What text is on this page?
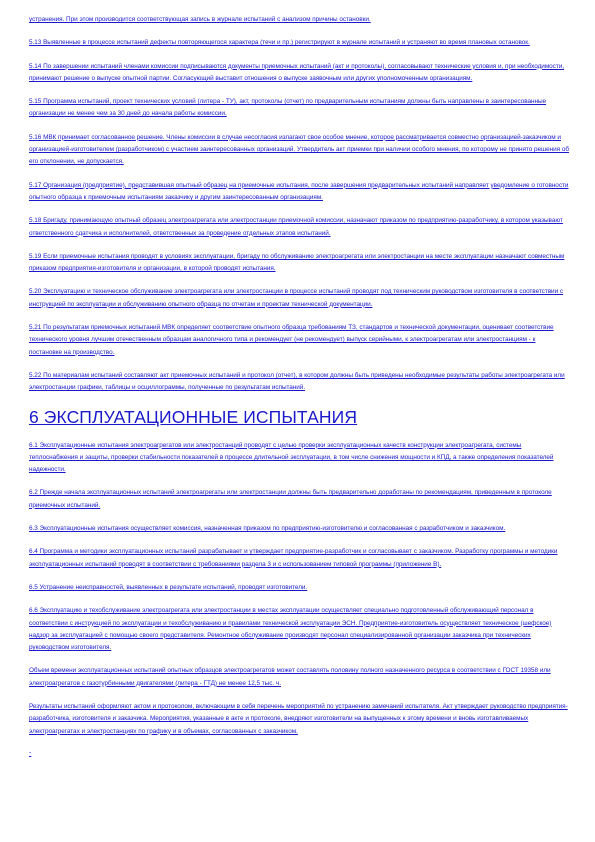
устранения. При этом производится соответствующая запись в журнале испытаний с анализом причины остановки.

5.13 Выявленные в процессе испытаний дефекты повторяющегося характера (течи и пр.) регистрируют в журнале испытаний и устраняют во время плановых остановок.

5.14 По завершении испытаний членами комиссии подписываются документы приемочных испытаний (акт и протоколы), согласовывают технические условия и, при необходимости, принимают решение о выпуске опытной партии. Согласующий выставит отношения о выпуске заявочным или других уполномоченным организациям.

5.15 Программа испытаний, проект технических условий (литера - ТУ), акт, протоколы (отчет) по предварительным испытаниям должны быть направлены в заинтересованные организации не менее чем за 30 дней до начала работы комиссии.

5.16 МВК принимает согласованное решение. Члены комиссии в случае несогласия излагают свое особое мнение, которое рассматривается совместно организацией-заказчиком и организацией-изготовителем (разработчиком) с участием заинтересованных организаций. Утвердитель акт приемки при наличии особого мнения, по которому не принято решения об его отклонении, не допускается.

5.17 Организация (предприятие), представившая опытный образец на приемочные испытания, после завершения предварительных испытаний направляет уведомление о готовности опытного образца к приемочным испытаниям заказчику и другим заинтересованным организациям.

5.18 Бригаду, принимающую опытный образец электроагрегата или электростанции приемочной комиссии, назначают приказом по предприятию-разработчику, в котором указывают ответственного сдатчика и исполнителей, ответственных за проведение отдельных этапов испытаний.

5.19 Если приемочные испытания проводят в условиях эксплуатации, бригаду по обслуживанию электроагрегата или электростанции на месте эксплуатации назначают совместным приказом предприятия-изготовителя и организации, в которой проводят испытания.

5.20 Эксплуатацию и техническое обслуживание электроагрегата или электростанции в процессе испытаний проводят под техническим руководством изготовителя в соответствии с инструкцией по эксплуатации и обслуживанию опытного образца по отчетам и проектам технической документации.

5.21 По результатам приемочных испытаний МВК определяет соответствие опытного образца требованиям ТЗ, стандартов и технической документации, оценивает соответствие технического уровня лучшим отечественным образцам аналогичного типа и рекомендует (не рекомендует) выпуск серийными, к электроагрегатам или электростанциям - к постановке на производство.

5.22 По материалам испытаний составляют акт приемочных испытаний и протокол (отчет), в котором должны быть приведены необходимые результаты работы электроагрегата или электростанции графики, таблицы и осциллограммы, полученные по результатам испытаний.

6 ЭКСПЛУАТАЦИОННЫЕ ИСПЫТАНИЯ

6.1 Эксплуатационные испытания электроагрегатов или электростанций проводят с целью проверки эксплуатационных качеств конструкции электроагрегата, системы теплоснабжения и защиты, проверки стабильности показателей в процессе длительной эксплуатации, в том числе снижения мощности и КПД, а также определения показателей надежности.

6.2 Прежде начала эксплуатационных испытаний электроагрегаты или электростанции должны быть предварительно доработаны по рекомендациям, приведенным в протоколе приемочных испытаний.

6.3 Эксплуатационные испытания осуществляет комиссия, назначенная приказом по предприятию-изготовителю и согласованная с разработчиком и заказчиком.

6.4 Программа и методики эксплуатационных испытаний разрабатывает и утверждает предприятие-разработчик и согласовывает с заказчиком. Разработку программы и методики эксплуатационных испытаний проводят в соответствии с требованиями раздела 3 и с использованием типовой программы (приложение В).

6.5 Устранение неисправностей, выявленных в результате испытаний, проводят изготовители.

6.6 Эксплуатацию и техобслуживание электроагрегата или электростанции в местах эксплуатации осуществляет специально подготовленный обслуживающий персонал в соответствии с инструкцией по эксплуатации и техобслуживанию и правилами технической эксплуатации ЭСН. Предприятие-изготовитель осуществляет техническое (шефское) надзор за эксплуатацией с помощью своего представителя. Ремонтное обслуживание производят персонал специализированной организации заказчика при технических руководством изготовителя.

Объем времени эксплуатационных испытаний опытных образцов электроагрегатов может составлять половину полного назначенного ресурса в соответствии с ГОСТ 19358 или электроагрегатов с газотурбинными двигателями (литера - ГТД) не менее 12,5 тыс. ч.

Результаты испытаний оформляют актом и протоколом, включающим в себя перечень мероприятий по устранению замечаний испытателя. Акт утверждает руководство предприятия-разработчика, изготовителя и заказчика. Мероприятия, указанные в акте и протоколе, внедряют изготовители на выпущенных к этому времени и вновь изготавливаемых электроагрегатах и электростанциях по графику и в объемах, согласованных с заказчиком.

-
